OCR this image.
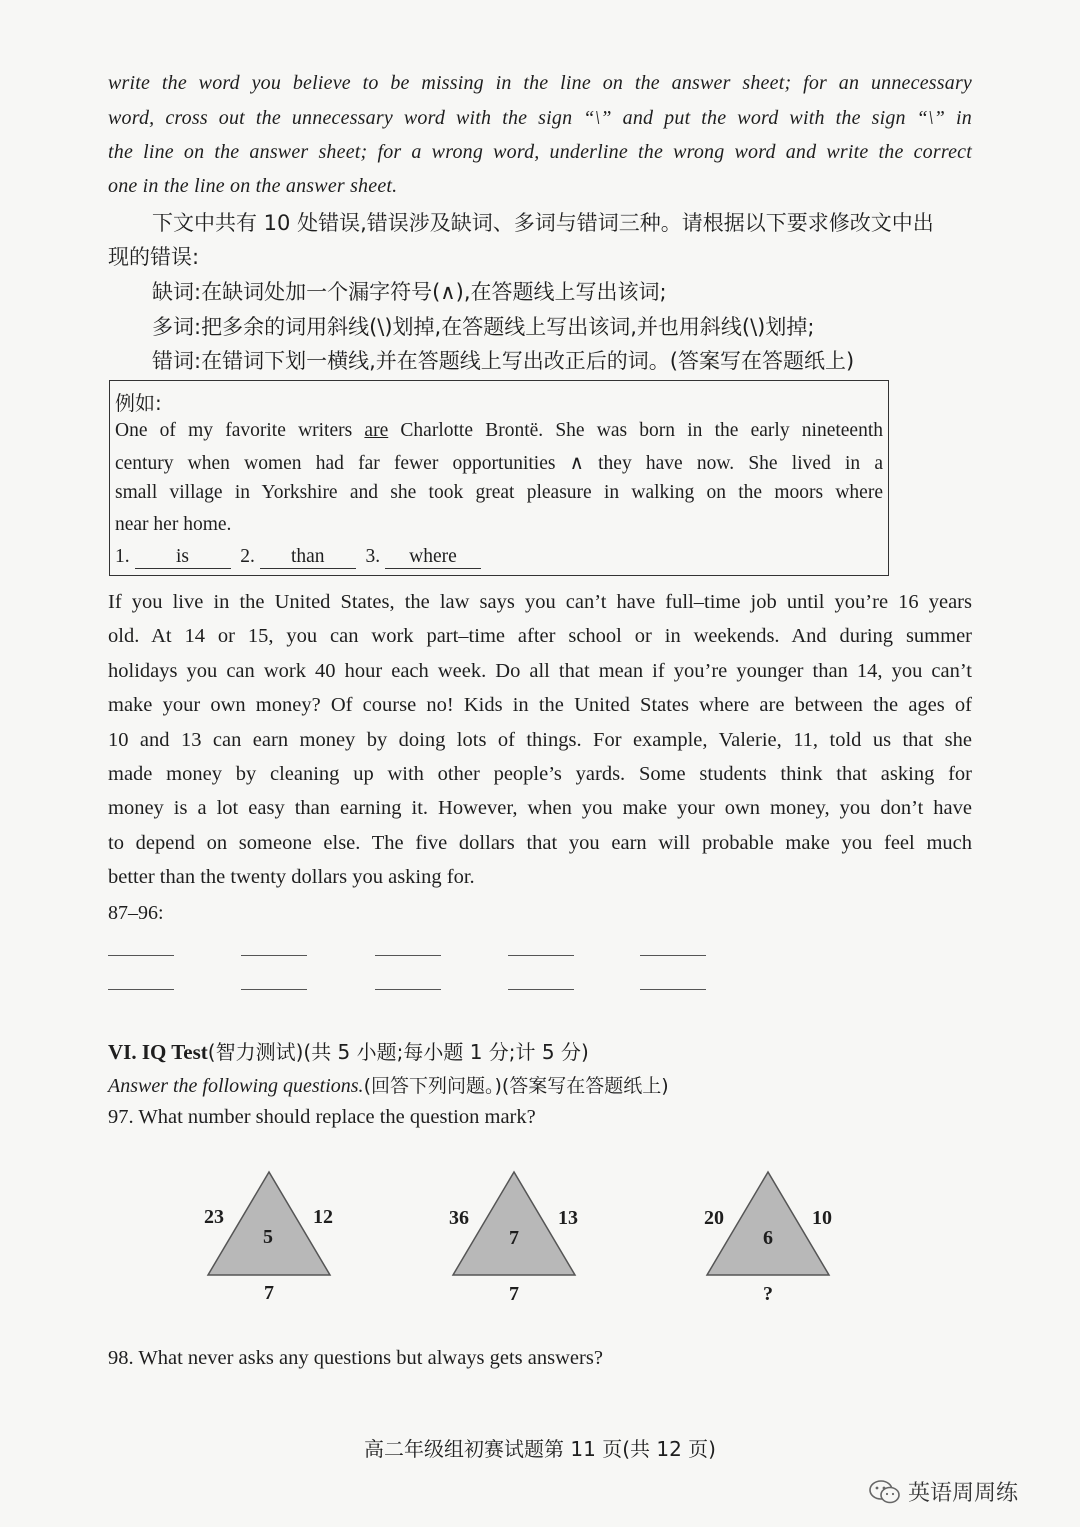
write the word you believe to be missing in the line on the answer sheet; for an unnecessary
word, cross out the unnecessary word with the sign “\” and put the word with the sign “\” in
the line on the answer sheet; for a wrong word, underline the wrong word and write the correct
one in the line on the answer sheet.
下文中共有 10 处错误,错误涉及缺词、多词与错词三种。请根据以下要求修改文中出
现的错误:
缺词:在缺词处加一个漏字符号(∧),在答题线上写出该词;
多词:把多余的词用斜线(\)划掉,在答题线上写出该词,并也用斜线(\)划掉;
错词:在错词下划一横线,并在答题线上写出改正后的词。(答案写在答题纸上)
例如:
One of my favorite writers are Charlotte Brontë. She was born in the early nineteenth
century when women had far fewer opportunities ∧ they have now. She lived in a
small village in Yorkshire and she took great pleasure in walking on the moors where
near her home.
1. is	2. than 3. where
If you live in the United States, the law says you can’t have full–time job until you’re 16 years
old. At 14 or 15, you can work part–time after school or in weekends. And during summer
holidays you can work 40 hour each week. Do all that mean if you’re younger than 14, you can’t
make your own money? Of course no! Kids in the United States where are between the ages of
10 and 13 can earn money by doing lots of things. For example, Valerie, 11, told us that she
made money by cleaning up with other people’s yards. Some students think that asking for
money is a lot easy than earning it. However, when you make your own money, you don’t have
to depend on someone else. The five dollars that you earn will probable make you feel much
better than the twenty dollars you asking for.
87–96:
VI. IQ Test(智力测试)(共 5 小题;每小题 1 分;计 5 分)
Answer the following questions.(回答下列问题。)(答案写在答题纸上)
97. What number should replace the question mark?
23	12
5
7
36	13
7
7
20	10
6
?
98. What never asks any questions but always gets answers?
高二年级组初赛试题第 11 页(共 12 页)
英语周周练
